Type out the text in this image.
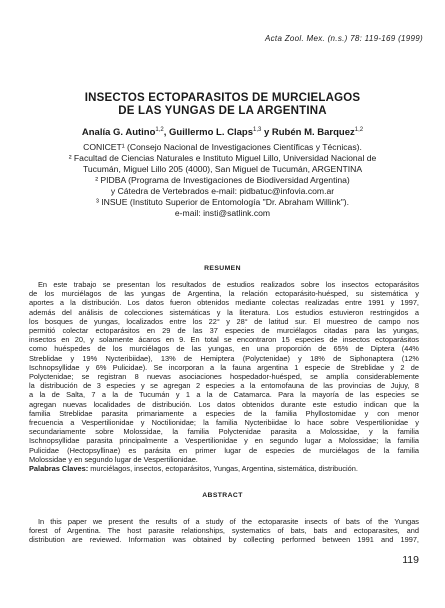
Acta Zool. Mex. (n.s.) 78: 119-169 (1999)
INSECTOS ECTOPARASITOS DE MURCIELAGOS
DE LAS YUNGAS DE LA ARGENTINA
Analía G. Autino$^{1,2}$, Guillermo L. Claps$^{1,3}$ y Rubén M. Barquez$^{1,2}$
CONICET¹ (Consejo Nacional de Investigaciones Científicas y Técnicas).
² Facultad de Ciencias Naturales e Instituto Miguel Lillo, Universidad Nacional de
Tucumán, Miguel Lillo 205 (4000), San Miguel de Tucumán, ARGENTINA
² PIDBA (Programa de Investigaciones de Biodiversidad Argentina)
y Cátedra de Vertebrados e-mail: pidbatuc@infovia.com.ar
³ INSUE (Instituto Superior de Entomología "Dr. Abraham Willink").
e-mail: insti@satlink.com
RESUMEN
En este trabajo se presentan los resultados de estudios realizados sobre los insectos ectoparásitos
de los murciélagos de las yungas de Argentina, la relación ectoparásito-huésped, su sistemática y
aportes a la distribución. Los datos fueron obtenidos mediante colectas realizadas entre 1991 y 1997,
además del análisis de colecciones sistemáticas y la literatura. Los estudios estuvieron restringidos a
los bosques de yungas, localizados entre los 22° y 28° de latitud sur. El muestreo de campo nos
permitió colectar ectoparásitos en 29 de las 37 especies de murciélagos citadas para las yungas,
insectos en 20, y solamente ácaros en 9. En total se encontraron 15 especies de insectos ectoparásitos
como huéspedes de los murciélagos de las yungas, en una proporción de 65% de Diptera (44%
Streblidae y 19% Nycteribiidae), 13% de Hemiptera (Polyctenidae) y 18% de Siphonaptera (12%
Ischnopsyllidae y 6% Pulicidae). Se incorporan a la fauna argentina 1 especie de Streblidae y 2 de
Polyctenidae; se registran 8 nuevas asociaciones hospedador-huésped, se amplía considerablemente
la distribución de 3 especies y se agregan 2 especies a la entomofauna de las provincias de Jujuy, 8
a la de Salta, 7 a la de Tucumán y 1 a la de Catamarca. Para la mayoría de las especies se
agregan nuevas localidades de distribución. Los datos obtenidos durante este estudio indican que la
familia Streblidae parasita primariamente a especies de la familia Phyllostomidae y con menor
frecuencia a Vespertilionidae y Noctilionidae; la familia Nycteribiidae lo hace sobre Vespertilionidae y
secundariamente sobre Molossidae, la familia Polyctenidae parasita a Molossidae, y la familia
Ischnopsyllidae parasita principalmente a Vespertilionidae y en segundo lugar a Molossidae; la familia
Pulicidae (Hectopsyllinae) es parásita en primer lugar de especies de murciélagos de la familia
Molossidae y en segundo lugar de Vespertilionidae.
Palabras Claves: murciélagos, insectos, ectoparásitos, Yungas, Argentina, sistemática, distribución.
ABSTRACT
In this paper we present the results of a study of the ectoparasite insects of bats of the Yungas
forest of Argentina. The host parasite relationships, systematics of bats, bats and ectoparasites, and
distribution are reviewed. Information was obtained by collecting performed between 1991 and 1997,
119
